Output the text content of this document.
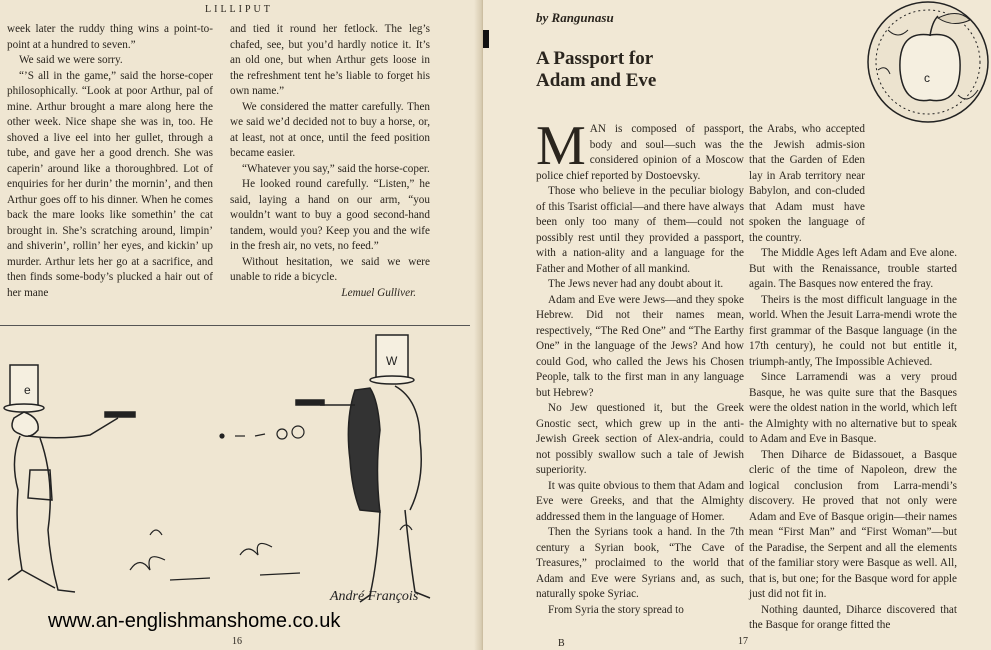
LILLIPUT

week later the ruddy thing wins a point-to-point at a hundred to seven.”

We said we were sorry.

“’S all in the game,” said the horse-coper philosophically. “Look at poor Arthur, pal of mine. Arthur brought a mare along here the other week. Nice shape she was in, too. He shoved a live eel into her gullet, through a tube, and gave her a good drench. She was caperin’ around like a thoroughbred. Lot of enquiries for her durin’ the mornin’, and then Arthur goes off to his dinner. When he comes back the mare looks like somethin’ the cat brought in. She’s scratching around, limpin’ and shiverin’, rollin’ her eyes, and kickin’ up murder. Arthur lets her go at a sacrifice, and then finds some-body’s plucked a hair out of her mane

and tied it round her fetlock. The leg’s chafed, see, but you’d hardly notice it. It’s an old one, but when Arthur gets loose in the refreshment tent he’s liable to forget his own name.”

We considered the matter carefully. Then we said we’d decided not to buy a horse, or, at least, not at once, until the feed position became easier.

“Whatever you say,” said the horse-coper.

He looked round carefully. “Listen,” he said, laying a hand on our arm, “you wouldn’t want to buy a good second-hand tandem, would you? Keep you and the wife in the fresh air, no vets, no feed.”

Without hesitation, we said we were unable to ride a bicycle.

Lemuel Gulliver.
e
W
André François
16
www.an-englishmanshome.co.uk
by Rangunasu
A Passport for
Adam and Eve

MAN is composed of passport, body and soul—such was the considered opinion of a Moscow police chief reported by Dostoevsky.

Those who believe in the peculiar biology of this Tsarist official—and there have always been only too many of them—could not possibly rest until they provided a passport, with a nation-ality and a language for the Father and Mother of all mankind.

The Jews never had any doubt about it.

Adam and Eve were Jews—and they spoke Hebrew. Did not their names mean, respectively, “The Red One” and “The Earthy One” in the language of the Jews? And how could God, who called the Jews his Chosen People, talk to the first man in any language but Hebrew?

No Jew questioned it, but the Greek Gnostic sect, which grew up in the anti-Jewish Greek section of Alex-andria, could not possibly swallow such a tale of Jewish superiority.

It was quite obvious to them that Adam and Eve were Greeks, and that the Almighty addressed them in the language of Homer.

Then the Syrians took a hand. In the 7th century a Syrian book, “The Cave of Treasures,” proclaimed to the world that Adam and Eve were Syrians and, as such, naturally spoke Syriac.

From Syria the story spread to

the Arabs, who accepted the Jewish admis-sion that the Garden of Eden lay in Arab territory near Babylon, and con-cluded that Adam must have spoken the language of the country.

The Middle Ages left Adam and Eve alone. But with the Renaissance, trouble started again. The Basques now entered the fray.

Theirs is the most difficult language in the world. When the Jesuit Larra-mendi wrote the first grammar of the Basque language (in the 17th century), he could not but entitle it, triumph-antly, The Impossible Achieved.

Since Larramendi was a very proud Basque, he was quite sure that the Basques were the oldest nation in the world, which left the Almighty with no alternative but to speak to Adam and Eve in Basque.

Then Diharce de Bidassouet, a Basque cleric of the time of Napoleon, drew the logical conclusion from Larra-mendi’s discovery. He proved that not only were Adam and Eve of Basque origin—their names mean “First Man” and “First Woman”—but the Paradise, the Serpent and all the elements of the familiar story were Basque as well. All, that is, but one; for the Basque word for apple just did not fit in.

Nothing daunted, Diharce discovered that the Basque for orange fitted the

B	17
c
